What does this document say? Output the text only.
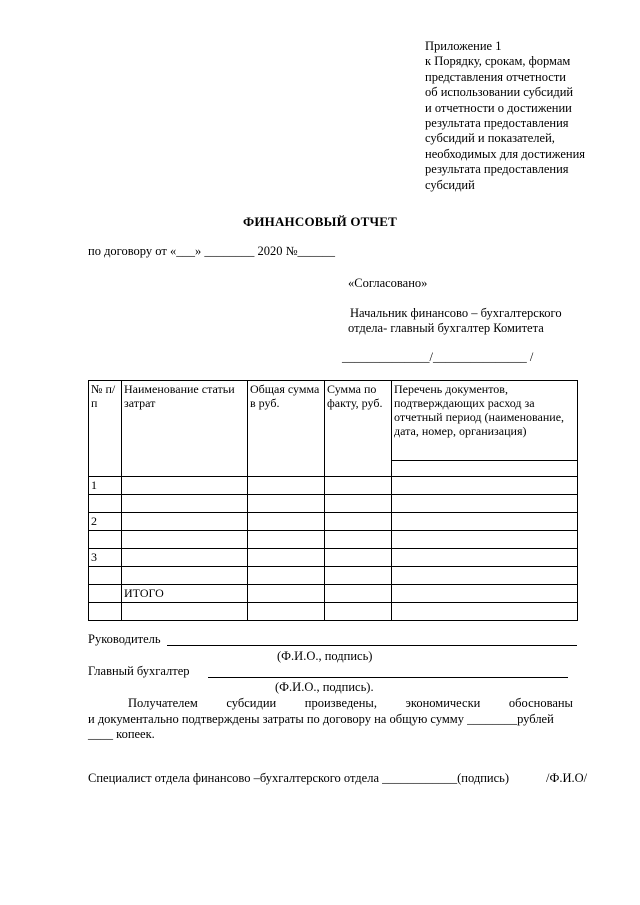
Приложение 1
к Порядку, срокам, формам
представления отчетности
об использовании субсидий
и отчетности о достижении
результата предоставления
субсидий и показателей,
необходимых для достижения
результата предоставления
субсидий
ФИНАНСОВЫЙ ОТЧЕТ
по договору от «___» ________ 2020 №______
«Согласовано»
Начальник финансово – бухгалтерского
отдела- главный бухгалтер Комитета
______________/_______________ /
№ п/п	Наименование статьи затрат	Общая сумма в руб.	Сумма по факту, руб.	Перечень документов, подтверждающих расход за отчетный период (наименование, дата, номер, организация)

1				

2				

3				

	ИТОГО			

Руководитель
(Ф.И.О., подпись)
Главный бухгалтер
(Ф.И.О., подпись).
Получателем субсидии произведены, экономически обоснованы
и документально подтверждены затраты по договору на общую сумму ________рублей
____ копеек.
Специалист отдела финансово –бухгалтерского отдела ____________(подпись)	/Ф.И.О/
